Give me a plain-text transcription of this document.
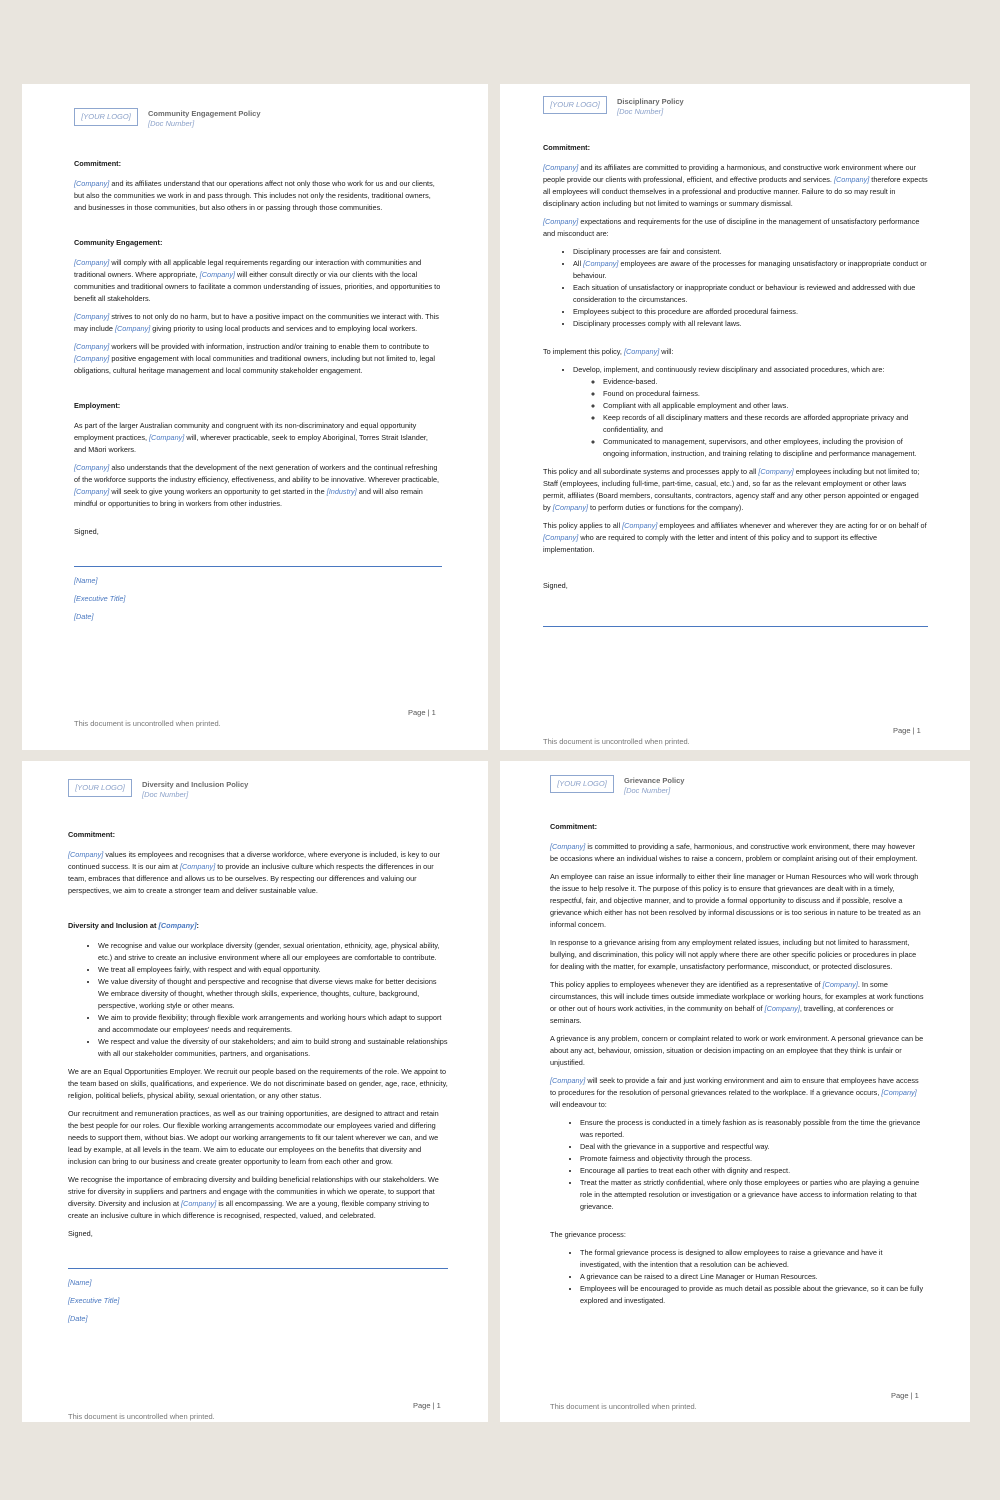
[YOUR LOGO]	Community Engagement Policy
[Doc Number]
Commitment:

[Company] and its affiliates understand that our operations affect not only those who work for us and our clients, but also the communities we work in and pass through. This includes not only the residents, traditional owners, and businesses in those communities, but also others in or passing through those communities.

Community Engagement:

[Company] will comply with all applicable legal requirements regarding our interaction with communities and traditional owners. Where appropriate, [Company] will either consult directly or via our clients with the local communities and traditional owners to facilitate a common understanding of issues, priorities, and opportunities to benefit all stakeholders.

[Company] strives to not only do no harm, but to have a positive impact on the communities we interact with. This may include [Company] giving priority to using local products and services and to employing local workers.

[Company] workers will be provided with information, instruction and/or training to enable them to contribute to [Company] positive engagement with local communities and traditional owners, including but not limited to, legal obligations, cultural heritage management and local community stakeholder engagement.

Employment:

As part of the larger Australian community and congruent with its non-discriminatory and equal opportunity employment practices, [Company] will, wherever practicable, seek to employ Aboriginal, Torres Strait Islander, and Māori workers.

[Company] also understands that the development of the next generation of workers and the continual refreshing of the workforce supports the industry efficiency, effectiveness, and ability to be innovative. Wherever practicable, [Company] will seek to give young workers an opportunity to get started in the [Industry] and will also remain mindful or opportunities to bring in workers from other industries.

Signed,

[Name]

[Executive Title]

[Date]

Page | 1
This document is uncontrolled when printed.
[YOUR LOGO]	Disciplinary Policy
[Doc Number]
Commitment:

[Company] and its affiliates are committed to providing a harmonious, and constructive work environment where our people provide our clients with professional, efficient, and effective products and services. [Company] therefore expects all employees will conduct themselves in a professional and productive manner. Failure to do so may result in disciplinary action including but not limited to warnings or summary dismissal.

[Company] expectations and requirements for the use of discipline in the management of unsatisfactory performance and misconduct are:

• Disciplinary processes are fair and consistent.
• All [Company] employees are aware of the processes for managing unsatisfactory or inappropriate conduct or behaviour.
• Each situation of unsatisfactory or inappropriate conduct or behaviour is reviewed and addressed with due consideration to the circumstances.
• Employees subject to this procedure are afforded procedural fairness.
• Disciplinary processes comply with all relevant laws.

To implement this policy, [Company] will:

• Develop, implement, and continuously review disciplinary and associated procedures, which are:
◦ Evidence-based.
◦ Found on procedural fairness.
◦ Compliant with all applicable employment and other laws.
◦ Keep records of all disciplinary matters and these records are afforded appropriate privacy and confidentiality, and
◦ Communicated to management, supervisors, and other employees, including the provision of ongoing information, instruction, and training relating to discipline and performance management.

This policy and all subordinate systems and processes apply to all [Company] employees including but not limited to; Staff (employees, including full-time, part-time, casual, etc.) and, so far as the relevant employment or other laws permit, affiliates (Board members, consultants, contractors, agency staff and any other person appointed or engaged by [Company] to perform duties or functions for the company).

This policy applies to all [Company] employees and affiliates whenever and wherever they are acting for or on behalf of [Company] who are required to comply with the letter and intent of this policy and to support its effective implementation.

Signed,

Page | 1
This document is uncontrolled when printed.
[YOUR LOGO]	Diversity and Inclusion Policy
[Doc Number]
Commitment:

[Company] values its employees and recognises that a diverse workforce, where everyone is included, is key to our continued success. It is our aim at [Company] to provide an inclusive culture which respects the differences in our team, embraces that difference and allows us to be ourselves. By respecting our differences and valuing our perspectives, we aim to create a stronger team and deliver sustainable value.

Diversity and Inclusion at [Company]:
• We recognise and value our workplace diversity (gender, sexual orientation, ethnicity, age, physical ability, etc.) and strive to create an inclusive environment where all our employees are comfortable to contribute.
• We treat all employees fairly, with respect and with equal opportunity.
• We value diversity of thought and perspective and recognise that diverse views make for better decisions We embrace diversity of thought, whether through skills, experience, thoughts, culture, background, perspective, working style or other means.
• We aim to provide flexibility; through flexible work arrangements and working hours which adapt to support and accommodate our employees’ needs and requirements.
• We respect and value the diversity of our stakeholders; and aim to build strong and sustainable relationships with all our stakeholder communities, partners, and organisations.

We are an Equal Opportunities Employer. We recruit our people based on the requirements of the role. We appoint to the team based on skills, qualifications, and experience. We do not discriminate based on gender, age, race, ethnicity, religion, political beliefs, physical ability, sexual orientation, or any other status.

Our recruitment and remuneration practices, as well as our training opportunities, are designed to attract and retain the best people for our roles. Our flexible working arrangements accommodate our employees varied and differing needs to support them, without bias. We adopt our working arrangements to fit our talent wherever we can, and we lead by example, at all levels in the team. We aim to educate our employees on the benefits that diversity and inclusion can bring to our business and create greater opportunity to learn from each other and grow.

We recognise the importance of embracing diversity and building beneficial relationships with our stakeholders. We strive for diversity in suppliers and partners and engage with the communities in which we operate, to support that diversity. Diversity and inclusion at [Company] is all encompassing. We are a young, flexible company striving to create an inclusive culture in which difference is recognised, respected, valued, and celebrated.

Signed,

[Name]

[Executive Title]

[Date]

Page | 1
This document is uncontrolled when printed.
[YOUR LOGO]	Grievance Policy
[Doc Number]
Commitment:

[Company] is committed to providing a safe, harmonious, and constructive work environment, there may however be occasions where an individual wishes to raise a concern, problem or complaint arising out of their employment.

An employee can raise an issue informally to either their line manager or Human Resources who will work through the issue to help resolve it. The purpose of this policy is to ensure that grievances are dealt with in a timely, respectful, fair, and objective manner, and to provide a formal opportunity to discuss and if possible, resolve a grievance which either has not been resolved by informal discussions or is too serious in nature to be treated as an informal concern.

In response to a grievance arising from any employment related issues, including but not limited to harassment, bullying, and discrimination, this policy will not apply where there are other specific policies or procedures in place for dealing with the matter, for example, unsatisfactory performance, misconduct, or protected disclosures.

This policy applies to employees whenever they are identified as a representative of [Company]. In some circumstances, this will include times outside immediate workplace or working hours, for examples at work functions or other out of hours work activities, in the community on behalf of [Company], travelling, at conferences or seminars.

A grievance is any problem, concern or complaint related to work or work environment. A personal grievance can be about any act, behaviour, omission, situation or decision impacting on an employee that they think is unfair or unjustified.

[Company] will seek to provide a fair and just working environment and aim to ensure that employees have access to procedures for the resolution of personal grievances related to the workplace. If a grievance occurs, [Company] will endeavour to:

• Ensure the process is conducted in a timely fashion as is reasonably possible from the time the grievance was reported.
• Deal with the grievance in a supportive and respectful way.
• Promote fairness and objectivity through the process.
• Encourage all parties to treat each other with dignity and respect.
• Treat the matter as strictly confidential, where only those employees or parties who are playing a genuine role in the attempted resolution or investigation or a grievance have access to information relating to that grievance.

The grievance process:

• The formal grievance process is designed to allow employees to raise a grievance and have it investigated, with the intention that a resolution can be achieved.
• A grievance can be raised to a direct Line Manager or Human Resources.
• Employees will be encouraged to provide as much detail as possible about the grievance, so it can be fully explored and investigated.
Page | 1
This document is uncontrolled when printed.
